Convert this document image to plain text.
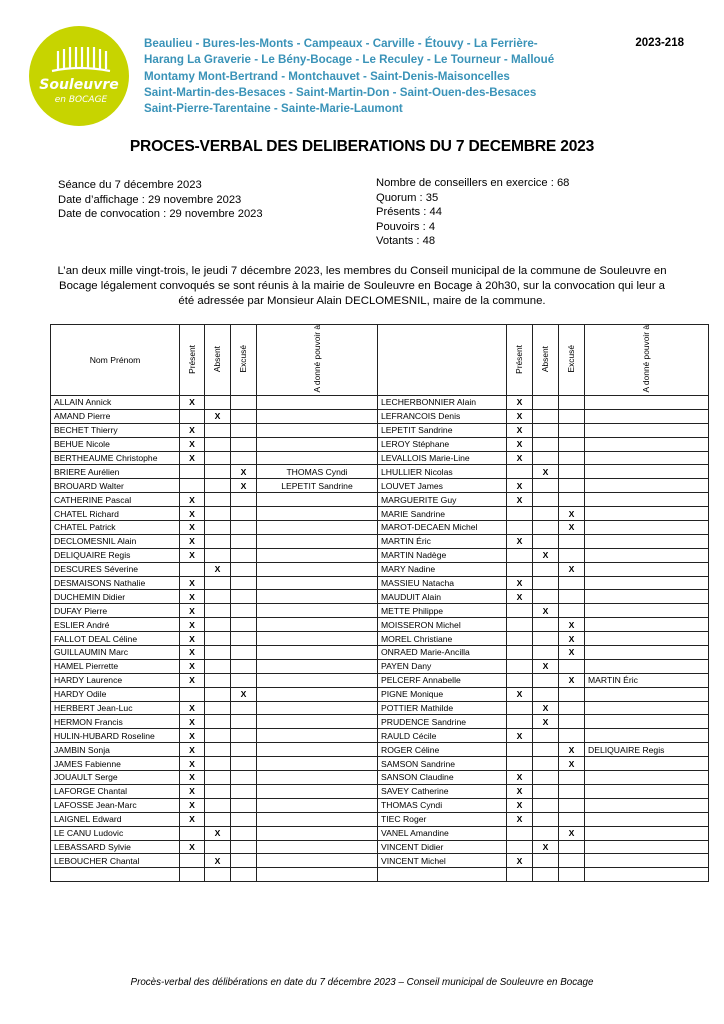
Souleuvre
en BOCAGE
Beaulieu - Bures-les-Monts - Campeaux - Carville - Étouvy - La Ferrière-
Harang La Graverie - Le Bény-Bocage - Le Reculey - Le Tourneur - Malloué
Montamy Mont-Bertrand - Montchauvet - Saint-Denis-Maisoncelles
Saint-Martin-des-Besaces - Saint-Martin-Don - Saint-Ouen-des-Besaces
Saint-Pierre-Tarentaine - Sainte-Marie-Laumont
2023-218
PROCES-VERBAL DES DELIBERATIONS DU 7 DECEMBRE 2023
Séance du 7 décembre 2023
Date d’affichage : 29 novembre 2023
Date de convocation : 29 novembre 2023
Nombre de conseillers en exercice : 68
Quorum : 35
Présents : 44
Pouvoirs : 4
Votants : 48
L’an deux mille vingt-trois, le jeudi 7 décembre 2023, les membres du Conseil municipal de la commune de Souleuvre en Bocage légalement convoqués se sont réunis à la mairie de Souleuvre en Bocage à 20h30, sur la convocation qui leur a été adressée par Monsieur Alain DECLOMESNIL, maire de la commune.
Nom Prénom	Présent	Absent	Excusé	A donné pouvoir à		Présent	Absent	Excusé	A donné pouvoir à
ALLAIN Annick	X				LECHERBONNIER Alain	X			
AMAND Pierre		X			LEFRANCOIS Denis	X			
BECHET Thierry	X				LEPETIT Sandrine	X			
BEHUE Nicole	X				LEROY Stéphane	X			
BERTHEAUME Christophe	X				LEVALLOIS Marie-Line	X			
BRIERE Aurélien			X	THOMAS Cyndi	LHULLIER Nicolas		X		
BROUARD Walter			X	LEPETIT Sandrine	LOUVET James	X			
CATHERINE Pascal	X				MARGUERITE Guy	X			
CHATEL Richard	X				MARIE Sandrine			X	
CHATEL Patrick	X				MAROT-DECAEN Michel			X	
DECLOMESNIL Alain	X				MARTIN Éric	X			
DELIQUAIRE Regis	X				MARTIN Nadège		X		
DESCURES Séverine		X			MARY Nadine			X	
DESMAISONS Nathalie	X				MASSIEU Natacha	X			
DUCHEMIN Didier	X				MAUDUIT Alain	X			
DUFAY Pierre	X				METTE Philippe		X		
ESLIER André	X				MOISSERON Michel			X	
FALLOT DEAL Céline	X				MOREL Christiane			X	
GUILLAUMIN Marc	X				ONRAED Marie-Ancilla			X	
HAMEL Pierrette	X				PAYEN Dany		X		
HARDY Laurence	X				PELCERF Annabelle			X	MARTIN Éric
HARDY Odile			X		PIGNE Monique	X			
HERBERT Jean-Luc	X				POTTIER Mathilde		X		
HERMON Francis	X				PRUDENCE Sandrine		X		
HULIN-HUBARD Roseline	X				RAULD Cécile	X			
JAMBIN Sonja	X				ROGER Céline			X	DELIQUAIRE Regis
JAMES Fabienne	X				SAMSON Sandrine			X	
JOUAULT Serge	X				SANSON Claudine	X			
LAFORGE Chantal	X				SAVEY Catherine	X			
LAFOSSE Jean-Marc	X				THOMAS Cyndi	X			
LAIGNEL Edward	X				TIEC Roger	X			
LE CANU Ludovic		X			VANEL Amandine			X	
LEBASSARD Sylvie	X				VINCENT Didier		X		
LEBOUCHER Chantal		X			VINCENT Michel	X			

Procès-verbal des délibérations en date du 7 décembre 2023 – Conseil municipal de Souleuvre en Bocage
